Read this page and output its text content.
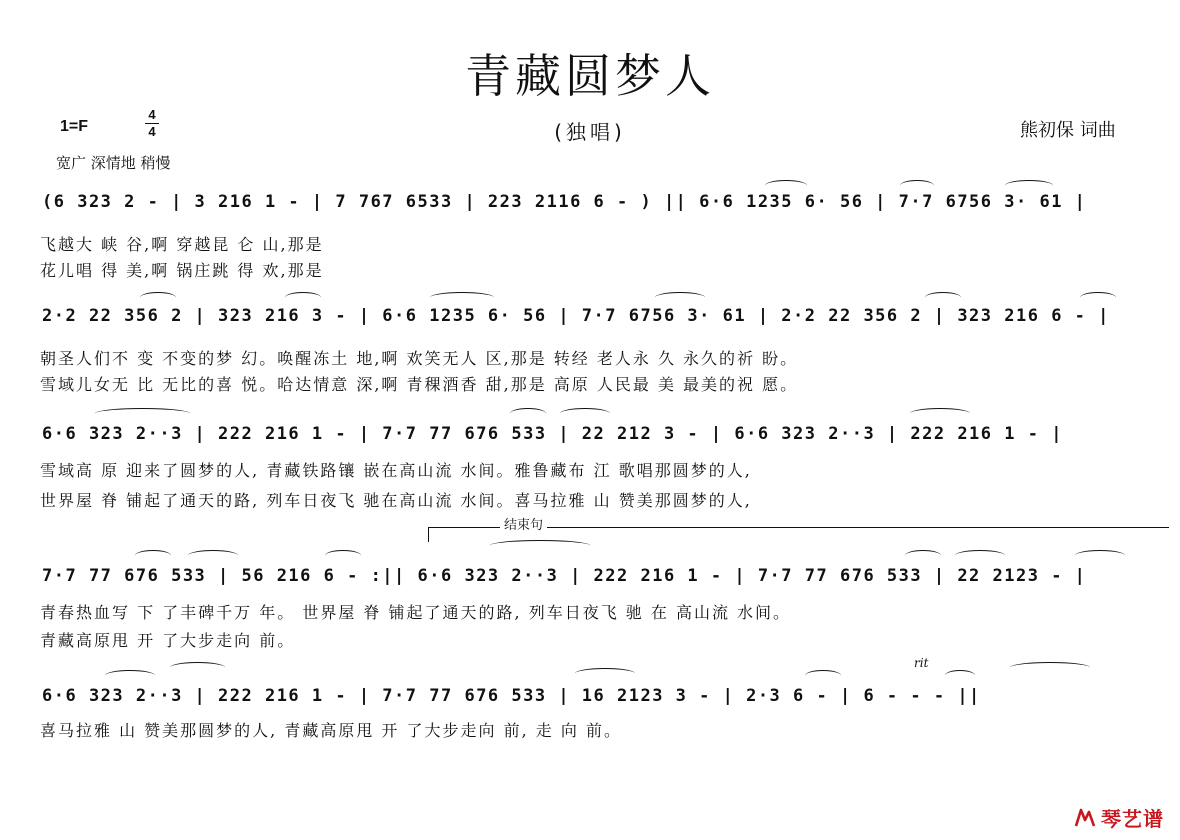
青藏圆梦人
1=F
4
4	(独唱)	熊初保 词曲
宽广 深情地 稍慢
(6 323 2 - | 3 216 1 - | 7 767 6533 | 223 2116 6 - ) || 6·6 1235 6· 56 | 7·7 6756 3· 61 |
飞越大 峡 谷,啊 穿越昆 仑 山,那是
花儿唱 得 美,啊 锅庄跳 得 欢,那是
2·2 22 356 2 | 323 216 3 - | 6·6 1235 6· 56 | 7·7 6756 3· 61 | 2·2 22 356 2 | 323 216 6 - |
朝圣人们不 变 不变的梦 幻。唤醒冻土 地,啊 欢笑无人 区,那是 转经 老人永 久 永久的祈 盼。
雪域儿女无 比 无比的喜 悦。哈达情意 深,啊 青稞酒香 甜,那是 高原 人民最 美 最美的祝 愿。
6·6 323 2··3 | 222 216 1 - | 7·7 77 676 533 | 22 212 3 - | 6·6 323 2··3 | 222 216 1 - |
雪域高 原 迎来了圆梦的人, 青藏铁路镶 嵌在高山流 水间。雅鲁藏布 江 歌唱那圆梦的人,
世界屋 脊 铺起了通天的路, 列车日夜飞 驰在高山流 水间。喜马拉雅 山 赞美那圆梦的人,
结束句
7·7 77 676 533 | 56 216 6 - :|| 6·6 323 2··3 | 222 216 1 - | 7·7 77 676 533 | 22 2123 - |
青春热血写 下 了丰碑千万 年。 世界屋 脊 铺起了通天的路, 列车日夜飞 驰 在 高山流 水间。
青藏高原甩 开 了大步走向 前。
rit
6·6 323 2··3 | 222 216 1 - | 7·7 77 676 533 | 16 2123 3 - | 2·3 6 - | 6 - - - ||
喜马拉雅 山 赞美那圆梦的人, 青藏高原甩 开 了大步走向 前, 走 向 前。
琴艺谱
